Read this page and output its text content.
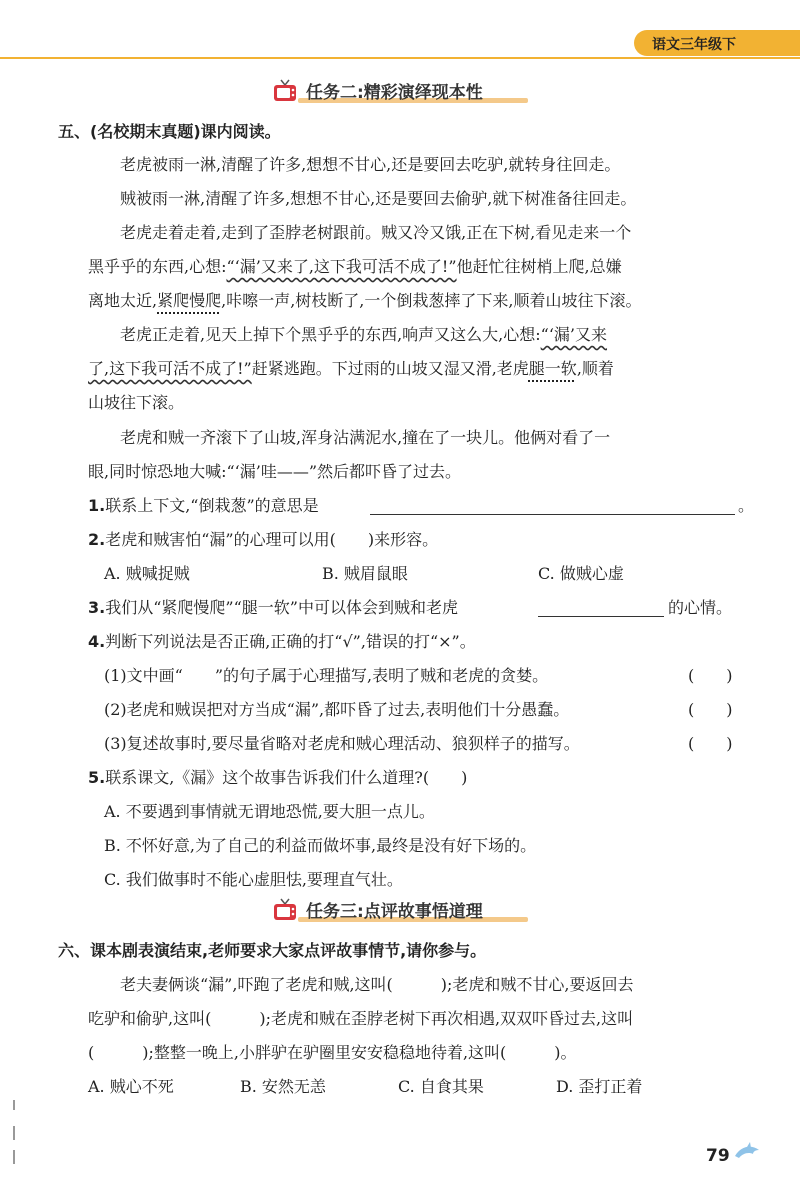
语文三年级下
任务二:精彩演绎现本性
五、(名校期末真题)课内阅读。
老虎被雨一淋,清醒了许多,想想不甘心,还是要回去吃驴,就转身往回走。
贼被雨一淋,清醒了许多,想想不甘心,还是要回去偷驴,就下树准备往回走。
老虎走着走着,走到了歪脖老树跟前。贼又冷又饿,正在下树,看见走来一个
黑乎乎的东西,心想:“‘漏’又来了,这下我可活不成了!”他赶忙往树梢上爬,总嫌
离地太近,紧爬慢爬,咔嚓一声,树枝断了,一个倒栽葱摔了下来,顺着山坡往下滚。
老虎正走着,见天上掉下个黑乎乎的东西,响声又这么大,心想:“‘漏’又来
了,这下我可活不成了!”赶紧逃跑。下过雨的山坡又湿又滑,老虎腿一软,顺着
山坡往下滚。
老虎和贼一齐滚下了山坡,浑身沾满泥水,撞在了一块儿。他俩对看了一
眼,同时惊恐地大喊:“‘漏’哇——”然后都吓昏了过去。
1.联系上下文,“倒栽葱”的意思是	。
2.老虎和贼害怕“漏”的心理可以用(　　)来形容。
A. 贼喊捉贼	B. 贼眉鼠眼	C. 做贼心虚
3.我们从“紧爬慢爬”“腿一软”中可以体会到贼和老虎	的心情。
4.判断下列说法是否正确,正确的打“√”,错误的打“×”。
(1)文中画“　　”的句子属于心理描写,表明了贼和老虎的贪婪。	(　　)
(2)老虎和贼误把对方当成“漏”,都吓昏了过去,表明他们十分愚蠢。	(　　)
(3)复述故事时,要尽量省略对老虎和贼心理活动、狼狈样子的描写。	(　　)
5.联系课文,《漏》这个故事告诉我们什么道理?(　　)
A. 不要遇到事情就无谓地恐慌,要大胆一点儿。
B. 不怀好意,为了自己的利益而做坏事,最终是没有好下场的。
C. 我们做事时不能心虚胆怯,要理直气壮。
任务三:点评故事悟道理
六、课本剧表演结束,老师要求大家点评故事情节,请你参与。
老夫妻俩谈“漏”,吓跑了老虎和贼,这叫(　　　);老虎和贼不甘心,要返回去
吃驴和偷驴,这叫(　　　);老虎和贼在歪脖老树下再次相遇,双双吓昏过去,这叫
(　　　);整整一晚上,小胖驴在驴圈里安安稳稳地待着,这叫(　　　)。
A. 贼心不死	B. 安然无恙	C. 自食其果	D. 歪打正着
79
